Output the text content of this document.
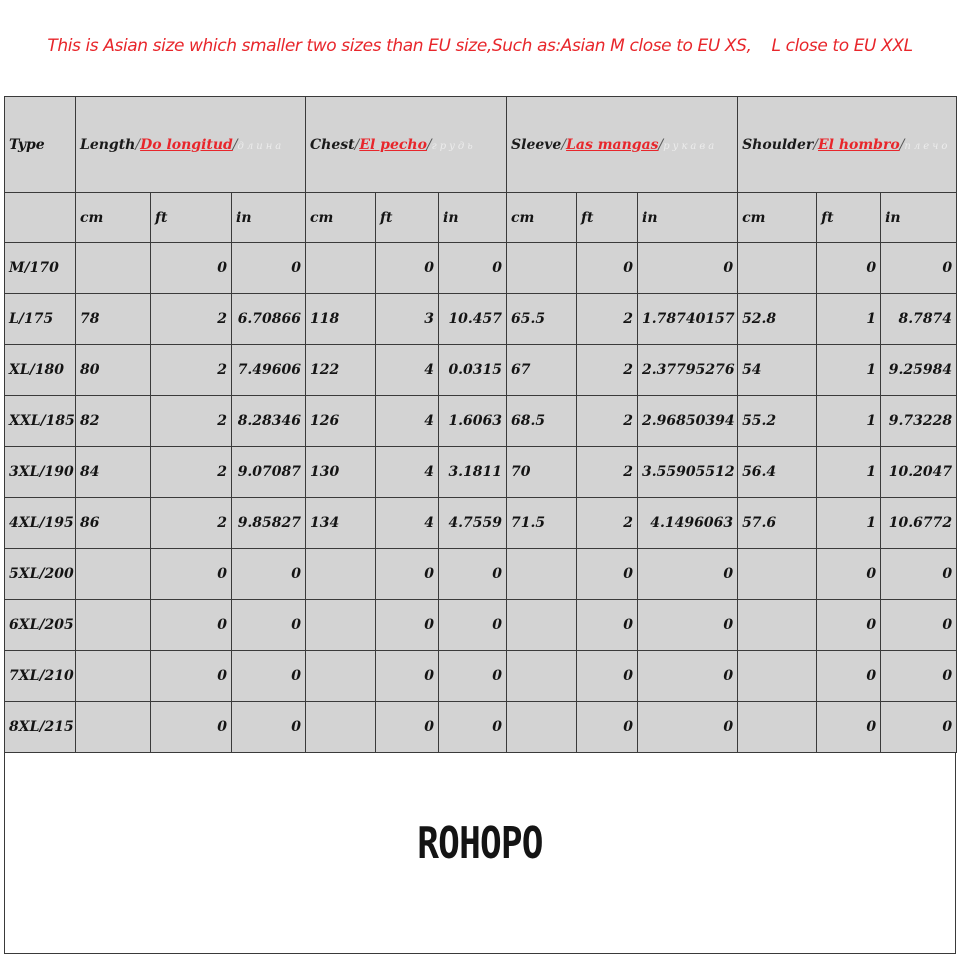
This is Asian size which smaller two sizes than EU size,Such as:Asian M close to EU XS,    L close to EU XXL
Type	Length/Do longitud/длина			Chest/El pecho/грудь			Sleeve/Las mangas/рукава			Shoulder/El hombro/плечо		
	cm	ft	in	cm	ft	in	cm	ft	in	cm	ft	in
M/170		0	0		0	0		0	0		0	0
L/175	78	2	6.70866	118	3	10.457	65.5	2	1.78740157	52.8	1	8.7874
XL/180	80	2	7.49606	122	4	0.0315	67	2	2.37795276	54	1	9.25984
XXL/185	82	2	8.28346	126	4	1.6063	68.5	2	2.96850394	55.2	1	9.73228
3XL/190	84	2	9.07087	130	4	3.1811	70	2	3.55905512	56.4	1	10.2047
4XL/195	86	2	9.85827	134	4	4.7559	71.5	2	4.1496063	57.6	1	10.6772
5XL/200		0	0		0	0		0	0		0	0
6XL/205		0	0		0	0		0	0		0	0
7XL/210		0	0		0	0		0	0		0	0
8XL/215		0	0		0	0		0	0		0	0
ROHOPO
